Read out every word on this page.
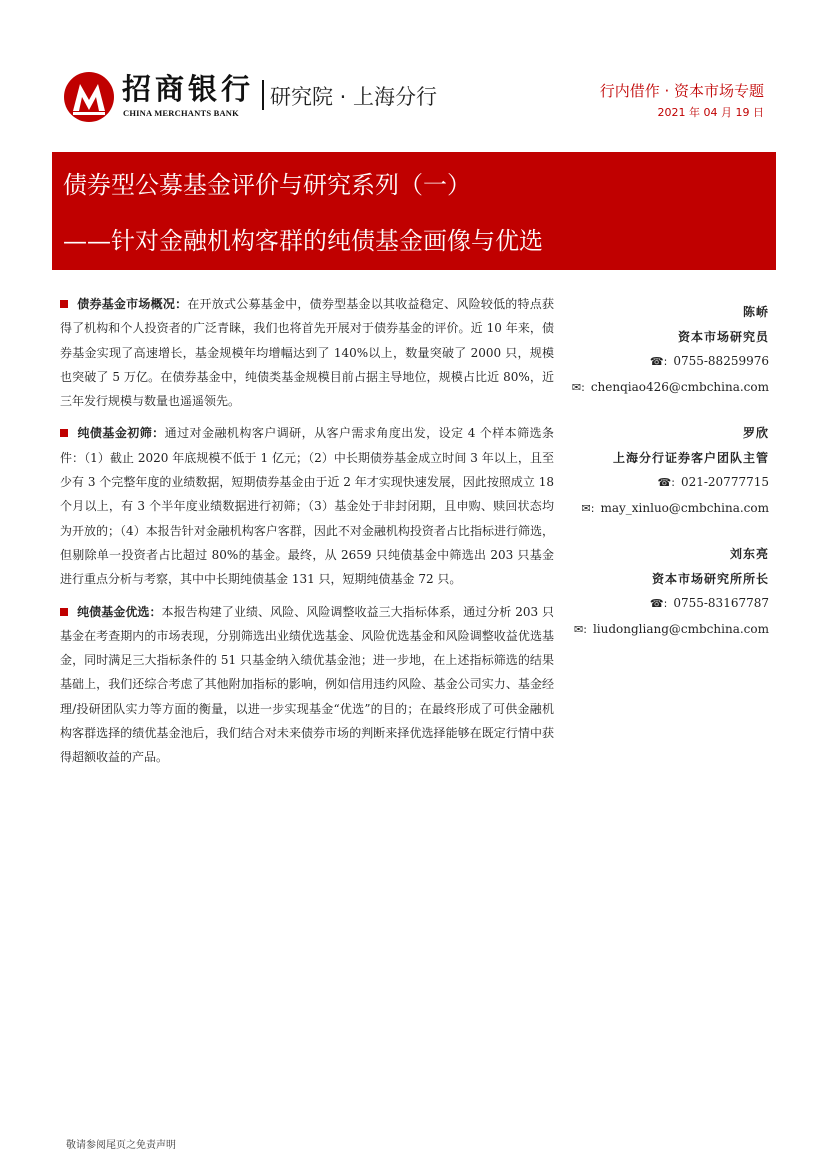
招商银行
CHINA MERCHANTS BANK
研究院 · 上海分行	行内借作 · 资本市场专题
2021 年 04 月 19 日
债券型公募基金评价与研究系列（一）
——针对金融机构客群的纯债基金画像与优选

债券基金市场概况：在开放式公募基金中，债券型基金以其收益稳定、风险较低的特点获得了机构和个人投资者的广泛青睐，我们也将首先开展对于债券基金的评价。近 10 年来，债券基金实现了高速增长，基金规模年均增幅达到了 140%以上，数量突破了 2000 只，规模也突破了 5 万亿。在债券基金中，纯债类基金规模目前占据主导地位，规模占比近 80%，近三年发行规模与数量也遥遥领先。

纯债基金初筛：通过对金融机构客户调研，从客户需求角度出发，设定 4 个样本筛选条件：（1）截止 2020 年底规模不低于 1 亿元；（2）中长期债券基金成立时间 3 年以上，且至少有 3 个完整年度的业绩数据，短期债券基金由于近 2 年才实现快速发展，因此按照成立 18 个月以上，有 3 个半年度业绩数据进行初筛；（3）基金处于非封闭期，且申购、赎回状态均为开放的；（4）本报告针对金融机构客户客群，因此不对金融机构投资者占比指标进行筛选，但剔除单一投资者占比超过 80%的基金。最终，从 2659 只纯债基金中筛选出 203 只基金进行重点分析与考察，其中中长期纯债基金 131 只，短期纯债基金 72 只。

纯债基金优选：本报告构建了业绩、风险、风险调整收益三大指标体系，通过分析 203 只基金在考查期内的市场表现，分别筛选出业绩优选基金、风险优选基金和风险调整收益优选基金，同时满足三大指标条件的 51 只基金纳入绩优基金池；进一步地，在上述指标筛选的结果基础上，我们还综合考虑了其他附加指标的影响，例如信用违约风险、基金公司实力、基金经理/投研团队实力等方面的衡量，以进一步实现基金“优选”的目的；在最终形成了可供金融机构客群选择的绩优基金池后，我们结合对未来债券市场的判断来择优选择能够在既定行情中获得超额收益的产品。

陈峤
资本市场研究员
☎: 0755-88259976
✉: chenqiao426@cmbchina.com
罗欣
上海分行证券客户团队主管
☎: 021-20777715
✉: may_xinluo@cmbchina.com
刘东亮
资本市场研究所所长
☎: 0755-83167787
✉: liudongliang@cmbchina.com
敬请参阅尾页之免责声明
